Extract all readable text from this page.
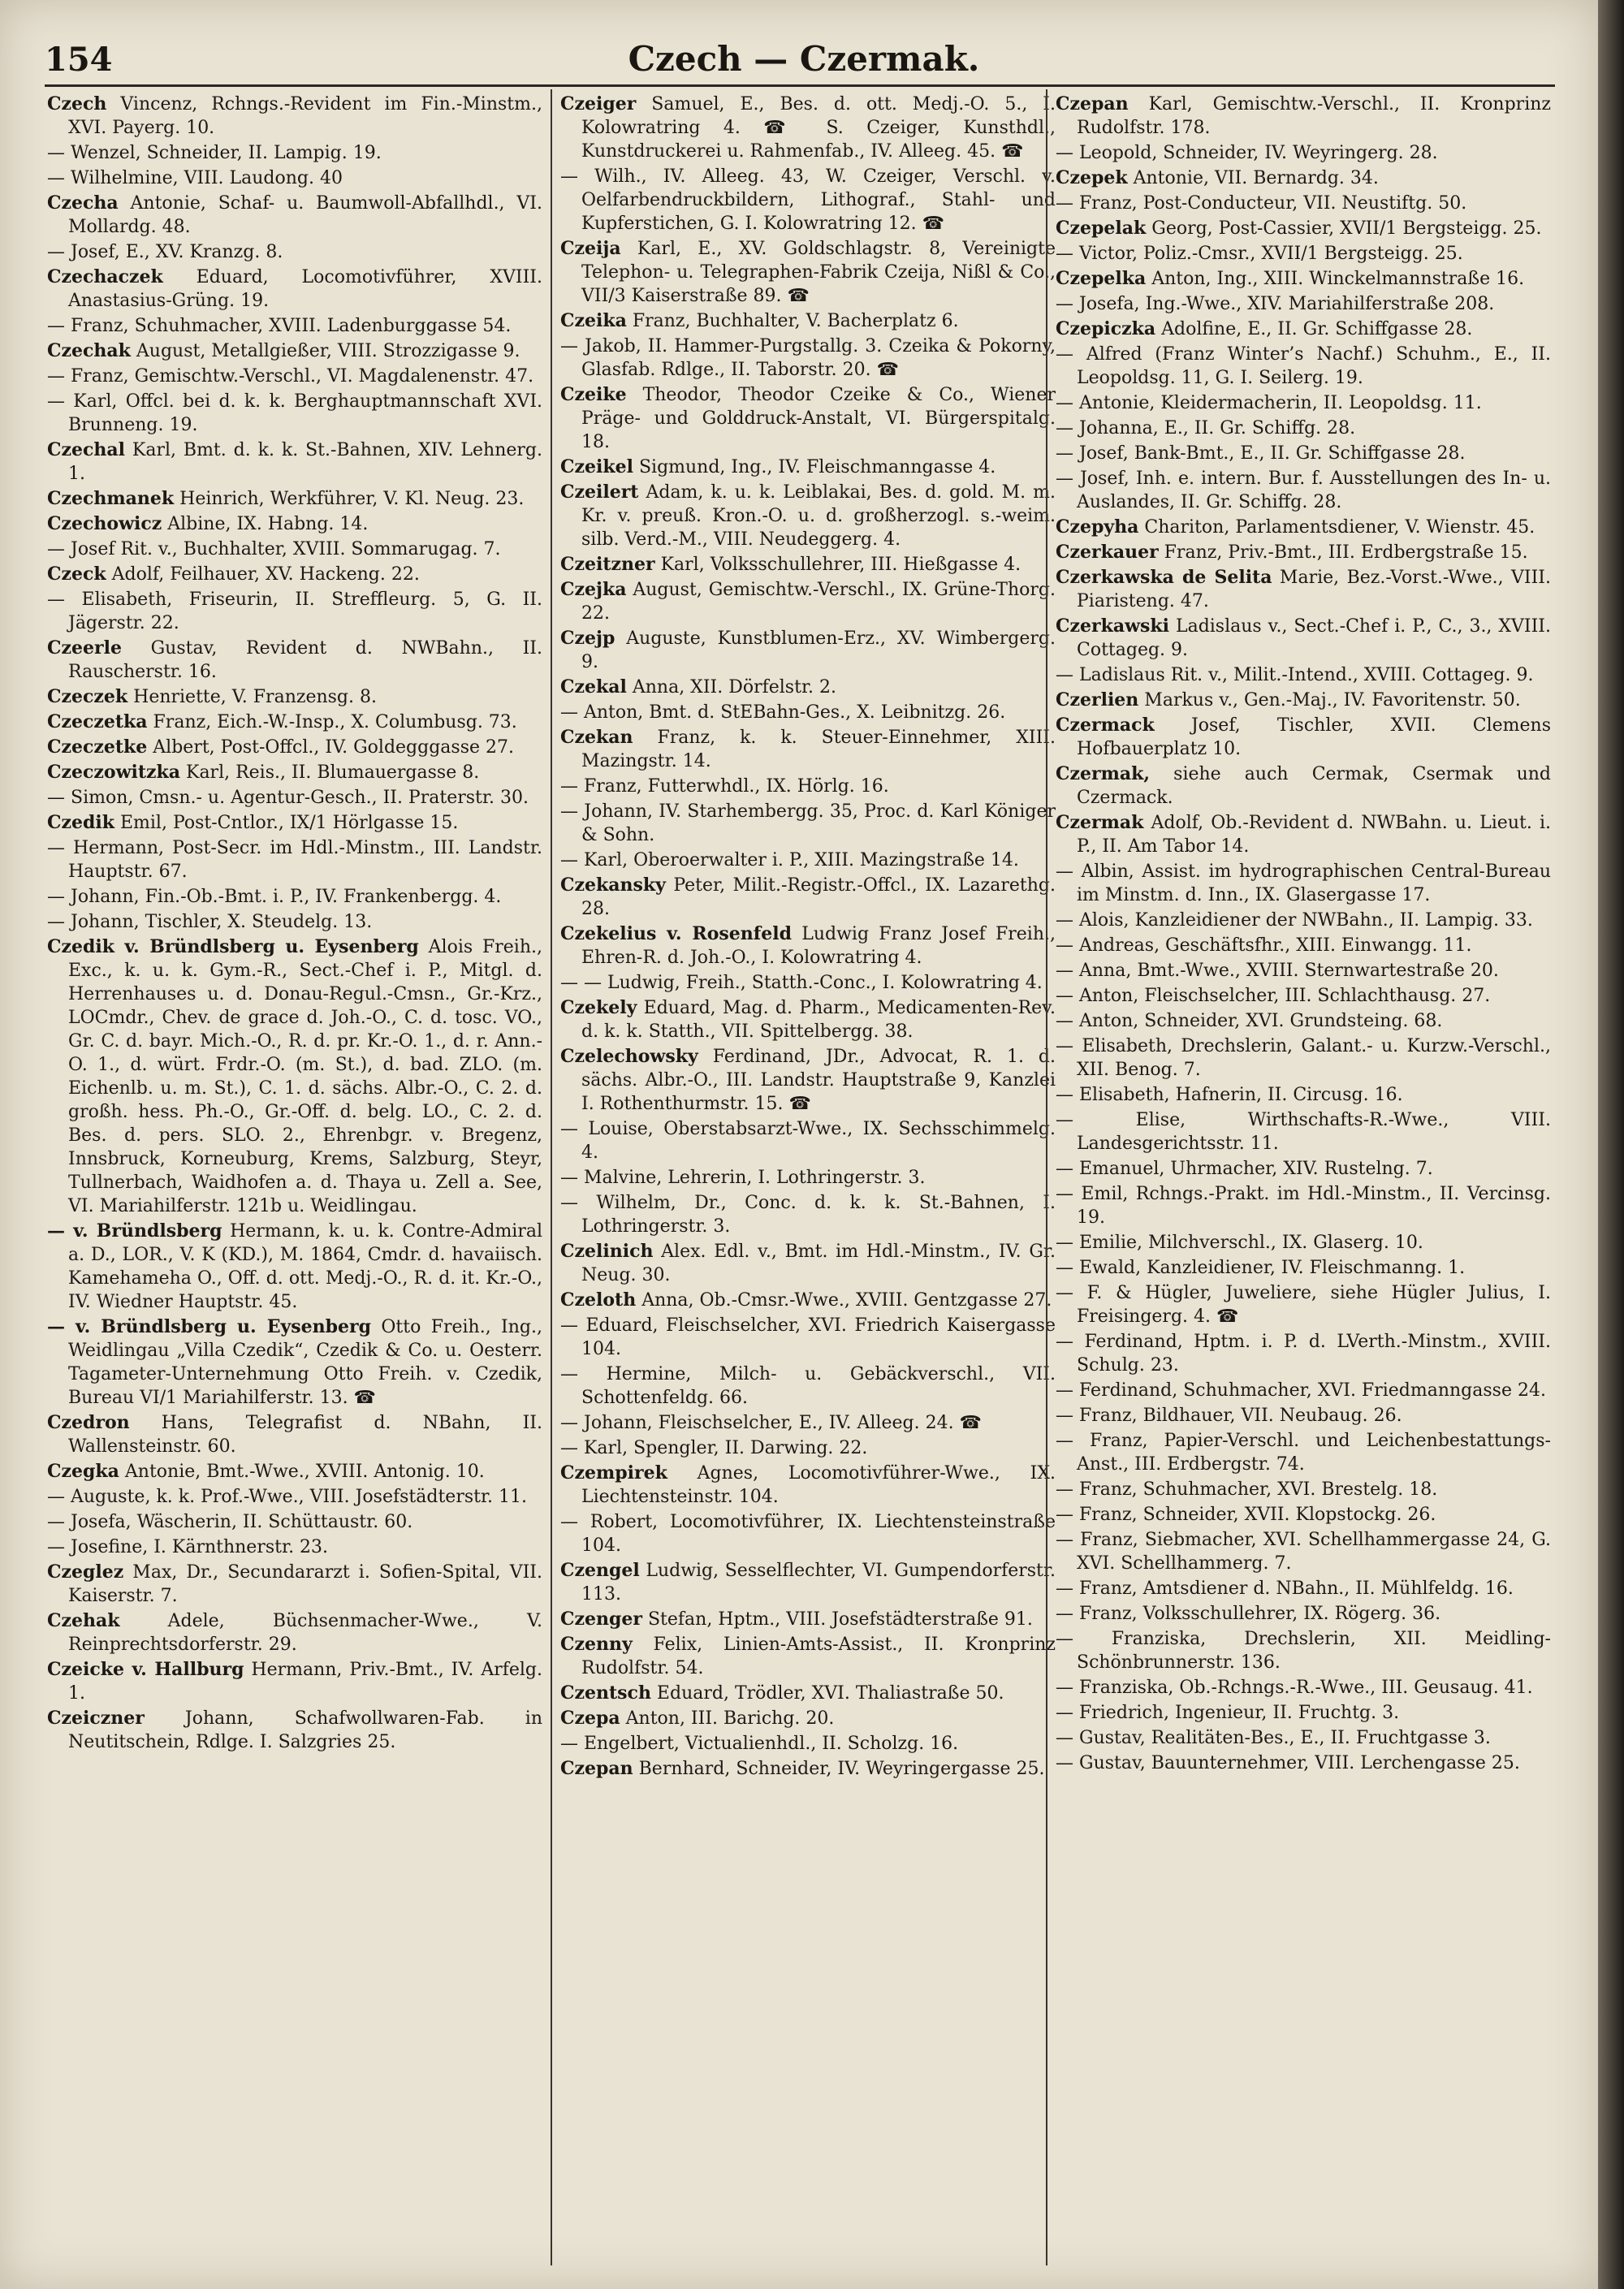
154	Czech — Czermak.
Czech Vincenz, Rchngs.-Revident im Fin.-Minstm., XVI. Payerg. 10.
— Wenzel, Schneider, II. Lampig. 19.
— Wilhelmine, VIII. Laudong. 40
Czecha Antonie, Schaf- u. Baumwoll-Abfallhdl., VI. Mollardg. 48.
— Josef, E., XV. Kranzg. 8.
Czechaczek Eduard, Locomotivführer, XVIII. Anastasius-Grüng. 19.
— Franz, Schuhmacher, XVIII. Ladenburggasse 54.
Czechak August, Metallgießer, VIII. Strozzigasse 9.
— Franz, Gemischtw.-Verschl., VI. Magdalenenstr. 47.
— Karl, Offcl. bei d. k. k. Berghauptmannschaft XVI. Brunneng. 19.
Czechal Karl, Bmt. d. k. k. St.-Bahnen, XIV. Lehnerg. 1.
Czechmanek Heinrich, Werkführer, V. Kl. Neug. 23.
Czechowicz Albine, IX. Habng. 14.
— Josef Rit. v., Buchhalter, XVIII. Sommarugag. 7.
Czeck Adolf, Feilhauer, XV. Hackeng. 22.
— Elisabeth, Friseurin, II. Streffleurg. 5, G. II. Jägerstr. 22.
Czeerle Gustav, Revident d. NWBahn., II. Rauscherstr. 16.
Czeczek Henriette, V. Franzensg. 8.
Czeczetka Franz, Eich.-W.-Insp., X. Columbusg. 73.
Czeczetke Albert, Post-Offcl., IV. Goldegggasse 27.
Czeczowitzka Karl, Reis., II. Blumauergasse 8.
— Simon, Cmsn.- u. Agentur-Gesch., II. Praterstr. 30.
Czedik Emil, Post-Cntlor., IX/1 Hörlgasse 15.
— Hermann, Post-Secr. im Hdl.-Minstm., III. Landstr. Hauptstr. 67.
— Johann, Fin.-Ob.-Bmt. i. P., IV. Frankenbergg. 4.
— Johann, Tischler, X. Steudelg. 13.
Czedik v. Bründlsberg u. Eysenberg Alois Freih., Exc., k. u. k. Gym.-R., Sect.-Chef i. P., Mitgl. d. Herrenhauses u. d. Donau-Regul.-Cmsn., Gr.-Krz., LOCmdr., Chev. de grace d. Joh.-O., C. d. tosc. VO., Gr. C. d. bayr. Mich.-O., R. d. pr. Kr.-O. 1., d. r. Ann.-O. 1., d. würt. Frdr.-O. (m. St.), d. bad. ZLO. (m. Eichenlb. u. m. St.), C. 1. d. sächs. Albr.-O., C. 2. d. großh. hess. Ph.-O., Gr.-Off. d. belg. LO., C. 2. d. Bes. d. pers. SLO. 2., Ehrenbgr. v. Bregenz, Innsbruck, Korneuburg, Krems, Salzburg, Steyr, Tullnerbach, Waidhofen a. d. Thaya u. Zell a. See, VI. Mariahilferstr. 121b u. Weidlingau.
— v. Bründlsberg Hermann, k. u. k. Contre-Admiral a. D., LOR., V. K (KD.), M. 1864, Cmdr. d. havaiisch. Kamehameha O., Off. d. ott. Medj.-O., R. d. it. Kr.-O., IV. Wiedner Hauptstr. 45.
— v. Bründlsberg u. Eysenberg Otto Freih., Ing., Weidlingau „Villa Czedik“, Czedik & Co. u. Oesterr. Tagameter-Unternehmung Otto Freih. v. Czedik, Bureau VI/1 Mariahilferstr. 13. ☎
Czedron Hans, Telegrafist d. NBahn, II. Wallensteinstr. 60.
Czegka Antonie, Bmt.-Wwe., XVIII. Antonig. 10.
— Auguste, k. k. Prof.-Wwe., VIII. Josefstädterstr. 11.
— Josefa, Wäscherin, II. Schüttaustr. 60.
— Josefine, I. Kärnthnerstr. 23.
Czeglez Max, Dr., Secundararzt i. Sofien-Spital, VII. Kaiserstr. 7.
Czehak Adele, Büchsenmacher-Wwe., V. Reinprechtsdorferstr. 29.
Czeicke v. Hallburg Hermann, Priv.-Bmt., IV. Arfelg. 1.
Czeiczner Johann, Schafwollwaren-Fab. in Neutitschein, Rdlge. I. Salzgries 25.
Czeiger Samuel, E., Bes. d. ott. Medj.-O. 5., I. Kolowratring 4. ☎ S. Czeiger, Kunsthdl., Kunstdruckerei u. Rahmenfab., IV. Alleeg. 45. ☎
— Wilh., IV. Alleeg. 43, W. Czeiger, Verschl. v. Oelfarbendruckbildern, Lithograf., Stahl- und Kupferstichen, G. I. Kolowratring 12. ☎
Czeija Karl, E., XV. Goldschlagstr. 8, Vereinigte Telephon- u. Telegraphen-Fabrik Czeija, Nißl & Co., VII/3 Kaiserstraße 89. ☎
Czeika Franz, Buchhalter, V. Bacherplatz 6.
— Jakob, II. Hammer-Purgstallg. 3. Czeika & Pokorny, Glasfab. Rdlge., II. Taborstr. 20. ☎
Czeike Theodor, Theodor Czeike & Co., Wiener Präge- und Golddruck-Anstalt, VI. Bürgerspitalg. 18.
Czeikel Sigmund, Ing., IV. Fleischmanngasse 4.
Czeilert Adam, k. u. k. Leiblakai, Bes. d. gold. M. m. Kr. v. preuß. Kron.-O. u. d. großherzogl. s.-weim. silb. Verd.-M., VIII. Neudeggerg. 4.
Czeitzner Karl, Volksschullehrer, III. Hießgasse 4.
Czejka August, Gemischtw.-Verschl., IX. Grüne-Thorg. 22.
Czejp Auguste, Kunstblumen-Erz., XV. Wimbergerg. 9.
Czekal Anna, XII. Dörfelstr. 2.
— Anton, Bmt. d. StEBahn-Ges., X. Leibnitzg. 26.
Czekan Franz, k. k. Steuer-Einnehmer, XIII. Mazingstr. 14.
— Franz, Futterwhdl., IX. Hörlg. 16.
— Johann, IV. Starhembergg. 35, Proc. d. Karl Königer & Sohn.
— Karl, Oberoerwalter i. P., XIII. Mazingstraße 14.
Czekansky Peter, Milit.-Registr.-Offcl., IX. Lazarethg. 28.
Czekelius v. Rosenfeld Ludwig Franz Josef Freih., Ehren-R. d. Joh.-O., I. Kolowratring 4.
— — Ludwig, Freih., Statth.-Conc., I. Kolowratring 4.
Czekely Eduard, Mag. d. Pharm., Medicamenten-Rev. d. k. k. Statth., VII. Spittelbergg. 38.
Czelechowsky Ferdinand, JDr., Advocat, R. 1. d. sächs. Albr.-O., III. Landstr. Hauptstraße 9, Kanzlei I. Rothenthurmstr. 15. ☎
— Louise, Oberstabsarzt-Wwe., IX. Sechsschimmelg. 4.
— Malvine, Lehrerin, I. Lothringerstr. 3.
— Wilhelm, Dr., Conc. d. k. k. St.-Bahnen, I. Lothringerstr. 3.
Czelinich Alex. Edl. v., Bmt. im Hdl.-Minstm., IV. Gr. Neug. 30.
Czeloth Anna, Ob.-Cmsr.-Wwe., XVIII. Gentzgasse 27.
— Eduard, Fleischselcher, XVI. Friedrich Kaisergasse 104.
— Hermine, Milch- u. Gebäckverschl., VII. Schottenfeldg. 66.
— Johann, Fleischselcher, E., IV. Alleeg. 24. ☎
— Karl, Spengler, II. Darwing. 22.
Czempirek Agnes, Locomotivführer-Wwe., IX. Liechtensteinstr. 104.
— Robert, Locomotivführer, IX. Liechtensteinstraße 104.
Czengel Ludwig, Sesselflechter, VI. Gumpendorferstr. 113.
Czenger Stefan, Hptm., VIII. Josefstädterstraße 91.
Czenny Felix, Linien-Amts-Assist., II. Kronprinz Rudolfstr. 54.
Czentsch Eduard, Trödler, XVI. Thaliastraße 50.
Czepa Anton, III. Barichg. 20.
— Engelbert, Victualienhdl., II. Scholzg. 16.
Czepan Bernhard, Schneider, IV. Weyringergasse 25.
Czepan Karl, Gemischtw.-Verschl., II. Kronprinz Rudolfstr. 178.
— Leopold, Schneider, IV. Weyringerg. 28.
Czepek Antonie, VII. Bernardg. 34.
— Franz, Post-Conducteur, VII. Neustiftg. 50.
Czepelak Georg, Post-Cassier, XVII/1 Bergsteigg. 25.
— Victor, Poliz.-Cmsr., XVII/1 Bergsteigg. 25.
Czepelka Anton, Ing., XIII. Winckelmannstraße 16.
— Josefa, Ing.-Wwe., XIV. Mariahilferstraße 208.
Czepiczka Adolfine, E., II. Gr. Schiffgasse 28.
— Alfred (Franz Winter’s Nachf.) Schuhm., E., II. Leopoldsg. 11, G. I. Seilerg. 19.
— Antonie, Kleidermacherin, II. Leopoldsg. 11.
— Johanna, E., II. Gr. Schiffg. 28.
— Josef, Bank-Bmt., E., II. Gr. Schiffgasse 28.
— Josef, Inh. e. intern. Bur. f. Ausstellungen des In- u. Auslandes, II. Gr. Schiffg. 28.
Czepyha Chariton, Parlamentsdiener, V. Wienstr. 45.
Czerkauer Franz, Priv.-Bmt., III. Erdbergstraße 15.
Czerkawska de Selita Marie, Bez.-Vorst.-Wwe., VIII. Piaristeng. 47.
Czerkawski Ladislaus v., Sect.-Chef i. P., C., 3., XVIII. Cottageg. 9.
— Ladislaus Rit. v., Milit.-Intend., XVIII. Cottageg. 9.
Czerlien Markus v., Gen.-Maj., IV. Favoritenstr. 50.
Czermack Josef, Tischler, XVII. Clemens Hofbauerplatz 10.
Czermak, siehe auch Cermak, Csermak und Czermack.
Czermak Adolf, Ob.-Revident d. NWBahn. u. Lieut. i. P., II. Am Tabor 14.
— Albin, Assist. im hydrographischen Central-Bureau im Minstm. d. Inn., IX. Glasergasse 17.
— Alois, Kanzleidiener der NWBahn., II. Lampig. 33.
— Andreas, Geschäftsfhr., XIII. Einwangg. 11.
— Anna, Bmt.-Wwe., XVIII. Sternwartestraße 20.
— Anton, Fleischselcher, III. Schlachthausg. 27.
— Anton, Schneider, XVI. Grundsteing. 68.
— Elisabeth, Drechslerin, Galant.- u. Kurzw.-Verschl., XII. Benog. 7.
— Elisabeth, Hafnerin, II. Circusg. 16.
— Elise, Wirthschafts-R.-Wwe., VIII. Landesgerichtsstr. 11.
— Emanuel, Uhrmacher, XIV. Rustelng. 7.
— Emil, Rchngs.-Prakt. im Hdl.-Minstm., II. Vercinsg. 19.
— Emilie, Milchverschl., IX. Glaserg. 10.
— Ewald, Kanzleidiener, IV. Fleischmanng. 1.
— F. & Hügler, Juweliere, siehe Hügler Julius, I. Freisingerg. 4. ☎
— Ferdinand, Hptm. i. P. d. LVerth.-Minstm., XVIII. Schulg. 23.
— Ferdinand, Schuhmacher, XVI. Friedmanngasse 24.
— Franz, Bildhauer, VII. Neubaug. 26.
— Franz, Papier-Verschl. und Leichenbestattungs-Anst., III. Erdbergstr. 74.
— Franz, Schuhmacher, XVI. Brestelg. 18.
— Franz, Schneider, XVII. Klopstockg. 26.
— Franz, Siebmacher, XVI. Schellhammergasse 24, G. XVI. Schellhammerg. 7.
— Franz, Amtsdiener d. NBahn., II. Mühlfeldg. 16.
— Franz, Volksschullehrer, IX. Rögerg. 36.
— Franziska, Drechslerin, XII. Meidling-Schönbrunnerstr. 136.
— Franziska, Ob.-Rchngs.-R.-Wwe., III. Geusaug. 41.
— Friedrich, Ingenieur, II. Fruchtg. 3.
— Gustav, Realitäten-Bes., E., II. Fruchtgasse 3.
— Gustav, Bauunternehmer, VIII. Lerchengasse 25.
